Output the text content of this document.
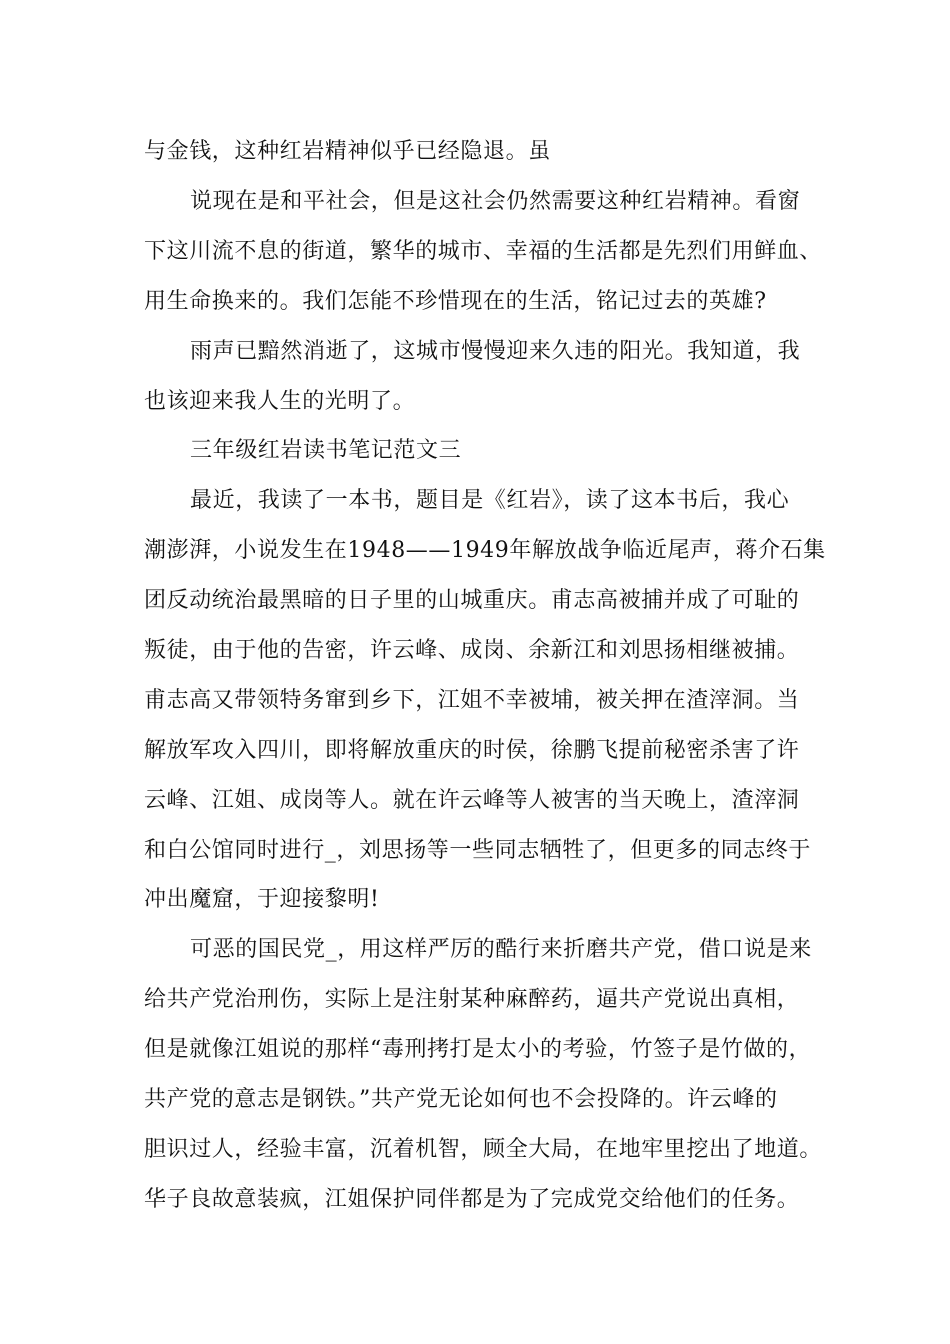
与金钱，这种红岩精神似乎已经隐退。虽
说现在是和平社会，但是这社会仍然需要这种红岩精神。看窗
下这川流不息的街道，繁华的城市、幸福的生活都是先烈们用鲜血、
用生命换来的。我们怎能不珍惜现在的生活，铭记过去的英雄?
雨声已黯然消逝了，这城市慢慢迎来久违的阳光。我知道，我
也该迎来我人生的光明了。
三年级红岩读书笔记范文三
最近，我读了一本书，题目是《红岩》，读了这本书后，我心
潮澎湃，小说发生在1948——1949年解放战争临近尾声，蒋介石集
团反动统治最黑暗的日子里的山城重庆。甫志高被捕并成了可耻的
叛徒，由于他的告密，许云峰、成岗、余新江和刘思扬相继被捕。
甫志高又带领特务窜到乡下，江姐不幸被埔，被关押在渣滓洞。当
解放军攻入四川，即将解放重庆的时侯，徐鹏飞提前秘密杀害了许
云峰、江姐、成岗等人。就在许云峰等人被害的当天晚上，渣滓洞
和白公馆同时进行_，刘思扬等一些同志牺牲了，但更多的同志终于
冲出魔窟，于迎接黎明!
可恶的国民党_，用这样严厉的酷行来折磨共产党，借口说是来
给共产党治刑伤，实际上是注射某种麻醉药，逼共产党说出真相，
但是就像江姐说的那样“毒刑拷打是太小的考验，竹签子是竹做的，
共产党的意志是钢铁。”共产党无论如何也不会投降的。许云峰的
胆识过人，经验丰富，沉着机智，顾全大局，在地牢里挖出了地道。
华子良故意装疯，江姐保护同伴都是为了完成党交给他们的任务。
